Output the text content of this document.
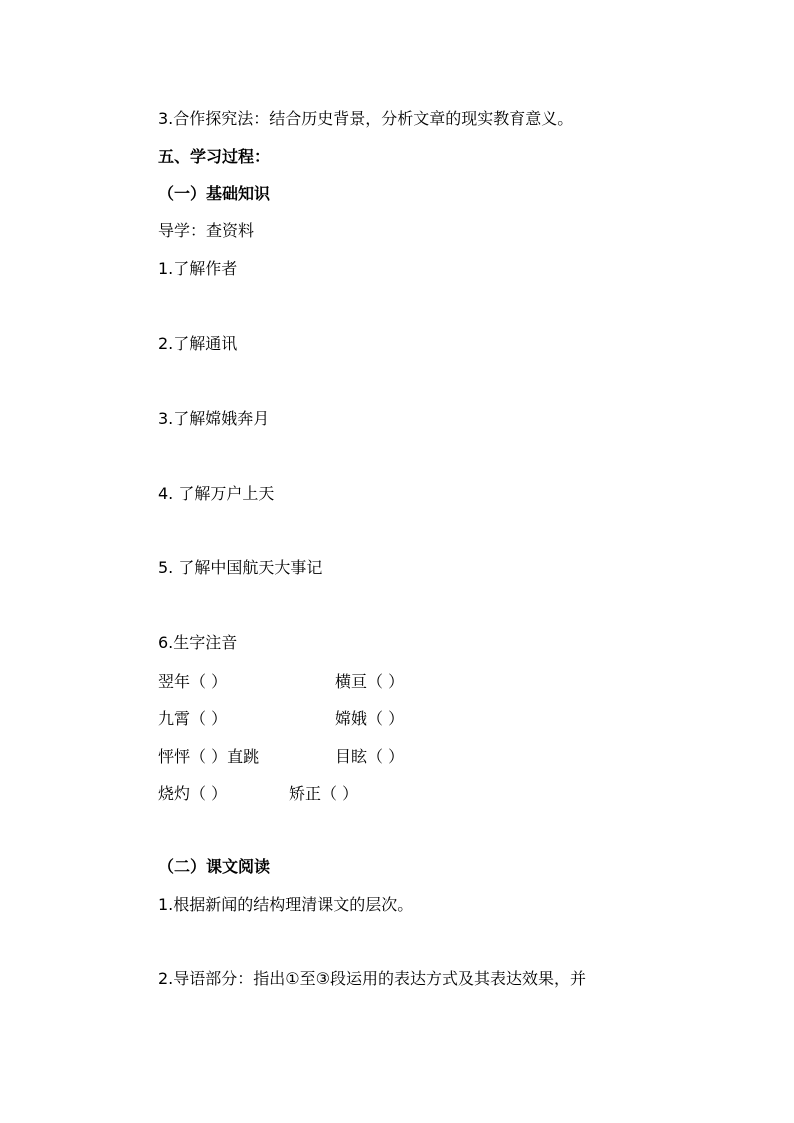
3.合作探究法：结合历史背景，分析文章的现实教育意义。
五、学习过程：
（一）基础知识
导学：查资料
1.了解作者
2.了解通讯
3.了解嫦娥奔月
4. 了解万户上天
5. 了解中国航天大事记
6.生字注音
翌年（ ）	横亘（ ）
九霄（ ）	嫦娥（ ）
怦怦（ ）直跳	目眩（ ）
烧灼（ ）	矫正（ ）
（二）课文阅读
1.根据新闻的结构理清课文的层次。
2.导语部分：指出①至③段运用的表达方式及其表达效果，并
